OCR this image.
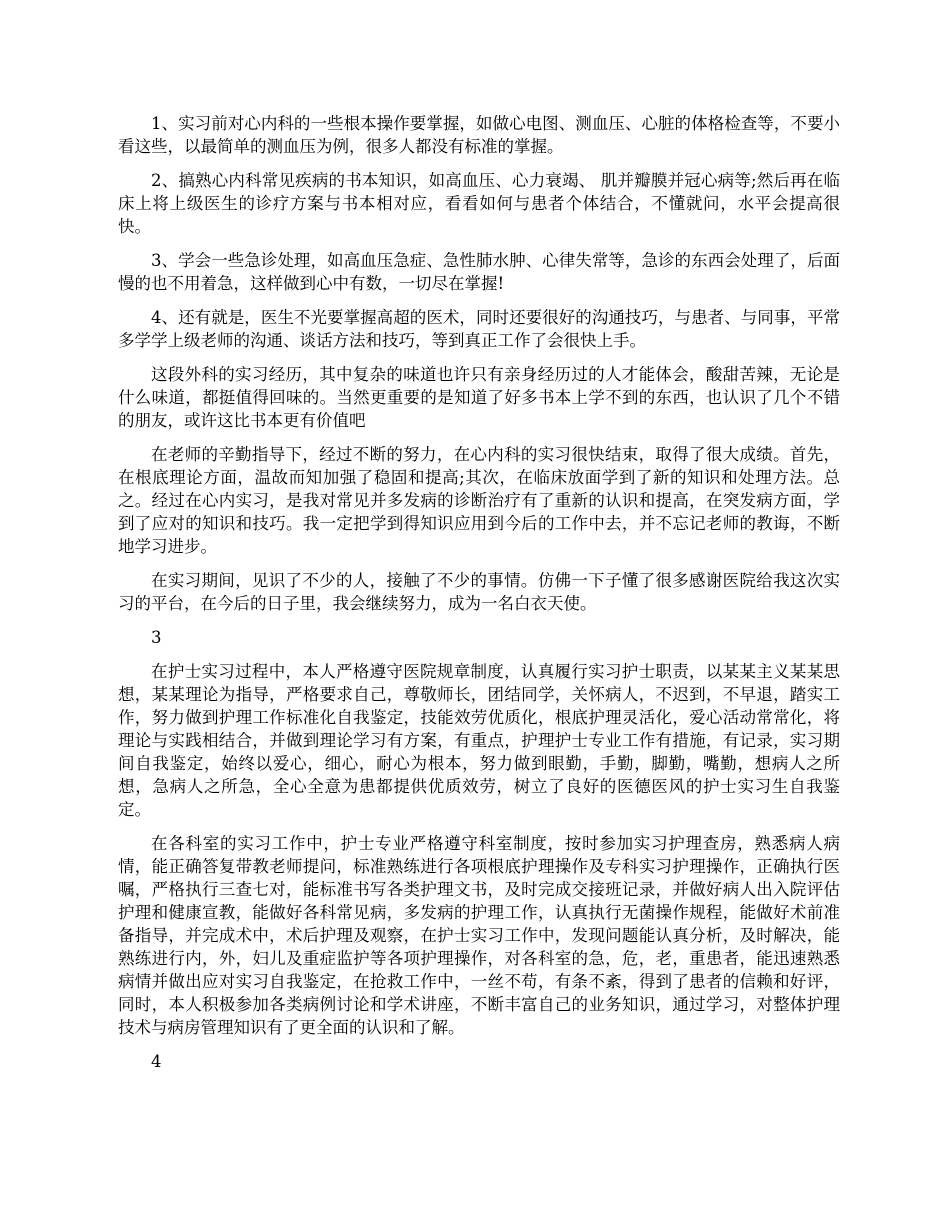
1、实习前对心内科的一些根本操作要掌握，如做心电图、测血压、心脏的体格检查等，不要小看这些，以最简单的测血压为例，很多人都没有标准的掌握。

2、搞熟心内科常见疾病的书本知识，如高血压、心力衰竭、 肌并瓣膜并冠心病等;然后再在临床上将上级医生的诊疗方案与书本相对应，看看如何与患者个体结合，不懂就问，水平会提高很快。

3、学会一些急诊处理，如高血压急症、急性肺水肿、心律失常等，急诊的东西会处理了，后面慢的也不用着急，这样做到心中有数，一切尽在掌握!

4、还有就是，医生不光要掌握高超的医术，同时还要很好的沟通技巧，与患者、与同事，平常多学学上级老师的沟通、谈话方法和技巧，等到真正工作了会很快上手。

这段外科的实习经历，其中复杂的味道也许只有亲身经历过的人才能体会，酸甜苦辣，无论是什么味道，都挺值得回味的。当然更重要的是知道了好多书本上学不到的东西，也认识了几个不错的朋友，或许这比书本更有价值吧

在老师的辛勤指导下，经过不断的努力，在心内科的实习很快结束，取得了很大成绩。首先，在根底理论方面，温故而知加强了稳固和提高;其次，在临床放面学到了新的知识和处理方法。总之。经过在心内实习，是我对常见并多发病的诊断治疗有了重新的认识和提高，在突发病方面，学到了应对的知识和技巧。我一定把学到得知识应用到今后的工作中去，并不忘记老师的教诲，不断地学习进步。

在实习期间，见识了不少的人，接触了不少的事情。仿佛一下子懂了很多感谢医院给我这次实习的平台，在今后的日子里，我会继续努力，成为一名白衣天使。

3

在护士实习过程中，本人严格遵守医院规章制度，认真履行实习护士职责，以某某主义某某思想，某某理论为指导，严格要求自己，尊敬师长，团结同学，关怀病人，不迟到，不早退，踏实工作，努力做到护理工作标准化自我鉴定，技能效劳优质化，根底护理灵活化，爱心活动常常化，将理论与实践相结合，并做到理论学习有方案，有重点，护理护士专业工作有措施，有记录，实习期间自我鉴定，始终以爱心，细心，耐心为根本，努力做到眼勤，手勤，脚勤，嘴勤，想病人之所想，急病人之所急，全心全意为患都提供优质效劳，树立了良好的医德医风的护士实习生自我鉴定。

在各科室的实习工作中，护士专业严格遵守科室制度，按时参加实习护理查房，熟悉病人病情，能正确答复带教老师提问，标准熟练进行各项根底护理操作及专科实习护理操作，正确执行医嘱，严格执行三查七对，能标准书写各类护理文书，及时完成交接班记录，并做好病人出入院评估护理和健康宣教，能做好各科常见病，多发病的护理工作，认真执行无菌操作规程，能做好术前准备指导，并完成术中，术后护理及观察，在护士实习工作中，发现问题能认真分析，及时解决，能熟练进行内，外，妇儿及重症监护等各项护理操作，对各科室的急，危，老，重患者，能迅速熟悉病情并做出应对实习自我鉴定，在抢救工作中，一丝不苟，有条不紊，得到了患者的信赖和好评，同时，本人积极参加各类病例讨论和学术讲座，不断丰富自己的业务知识，通过学习，对整体护理技术与病房管理知识有了更全面的认识和了解。

4
